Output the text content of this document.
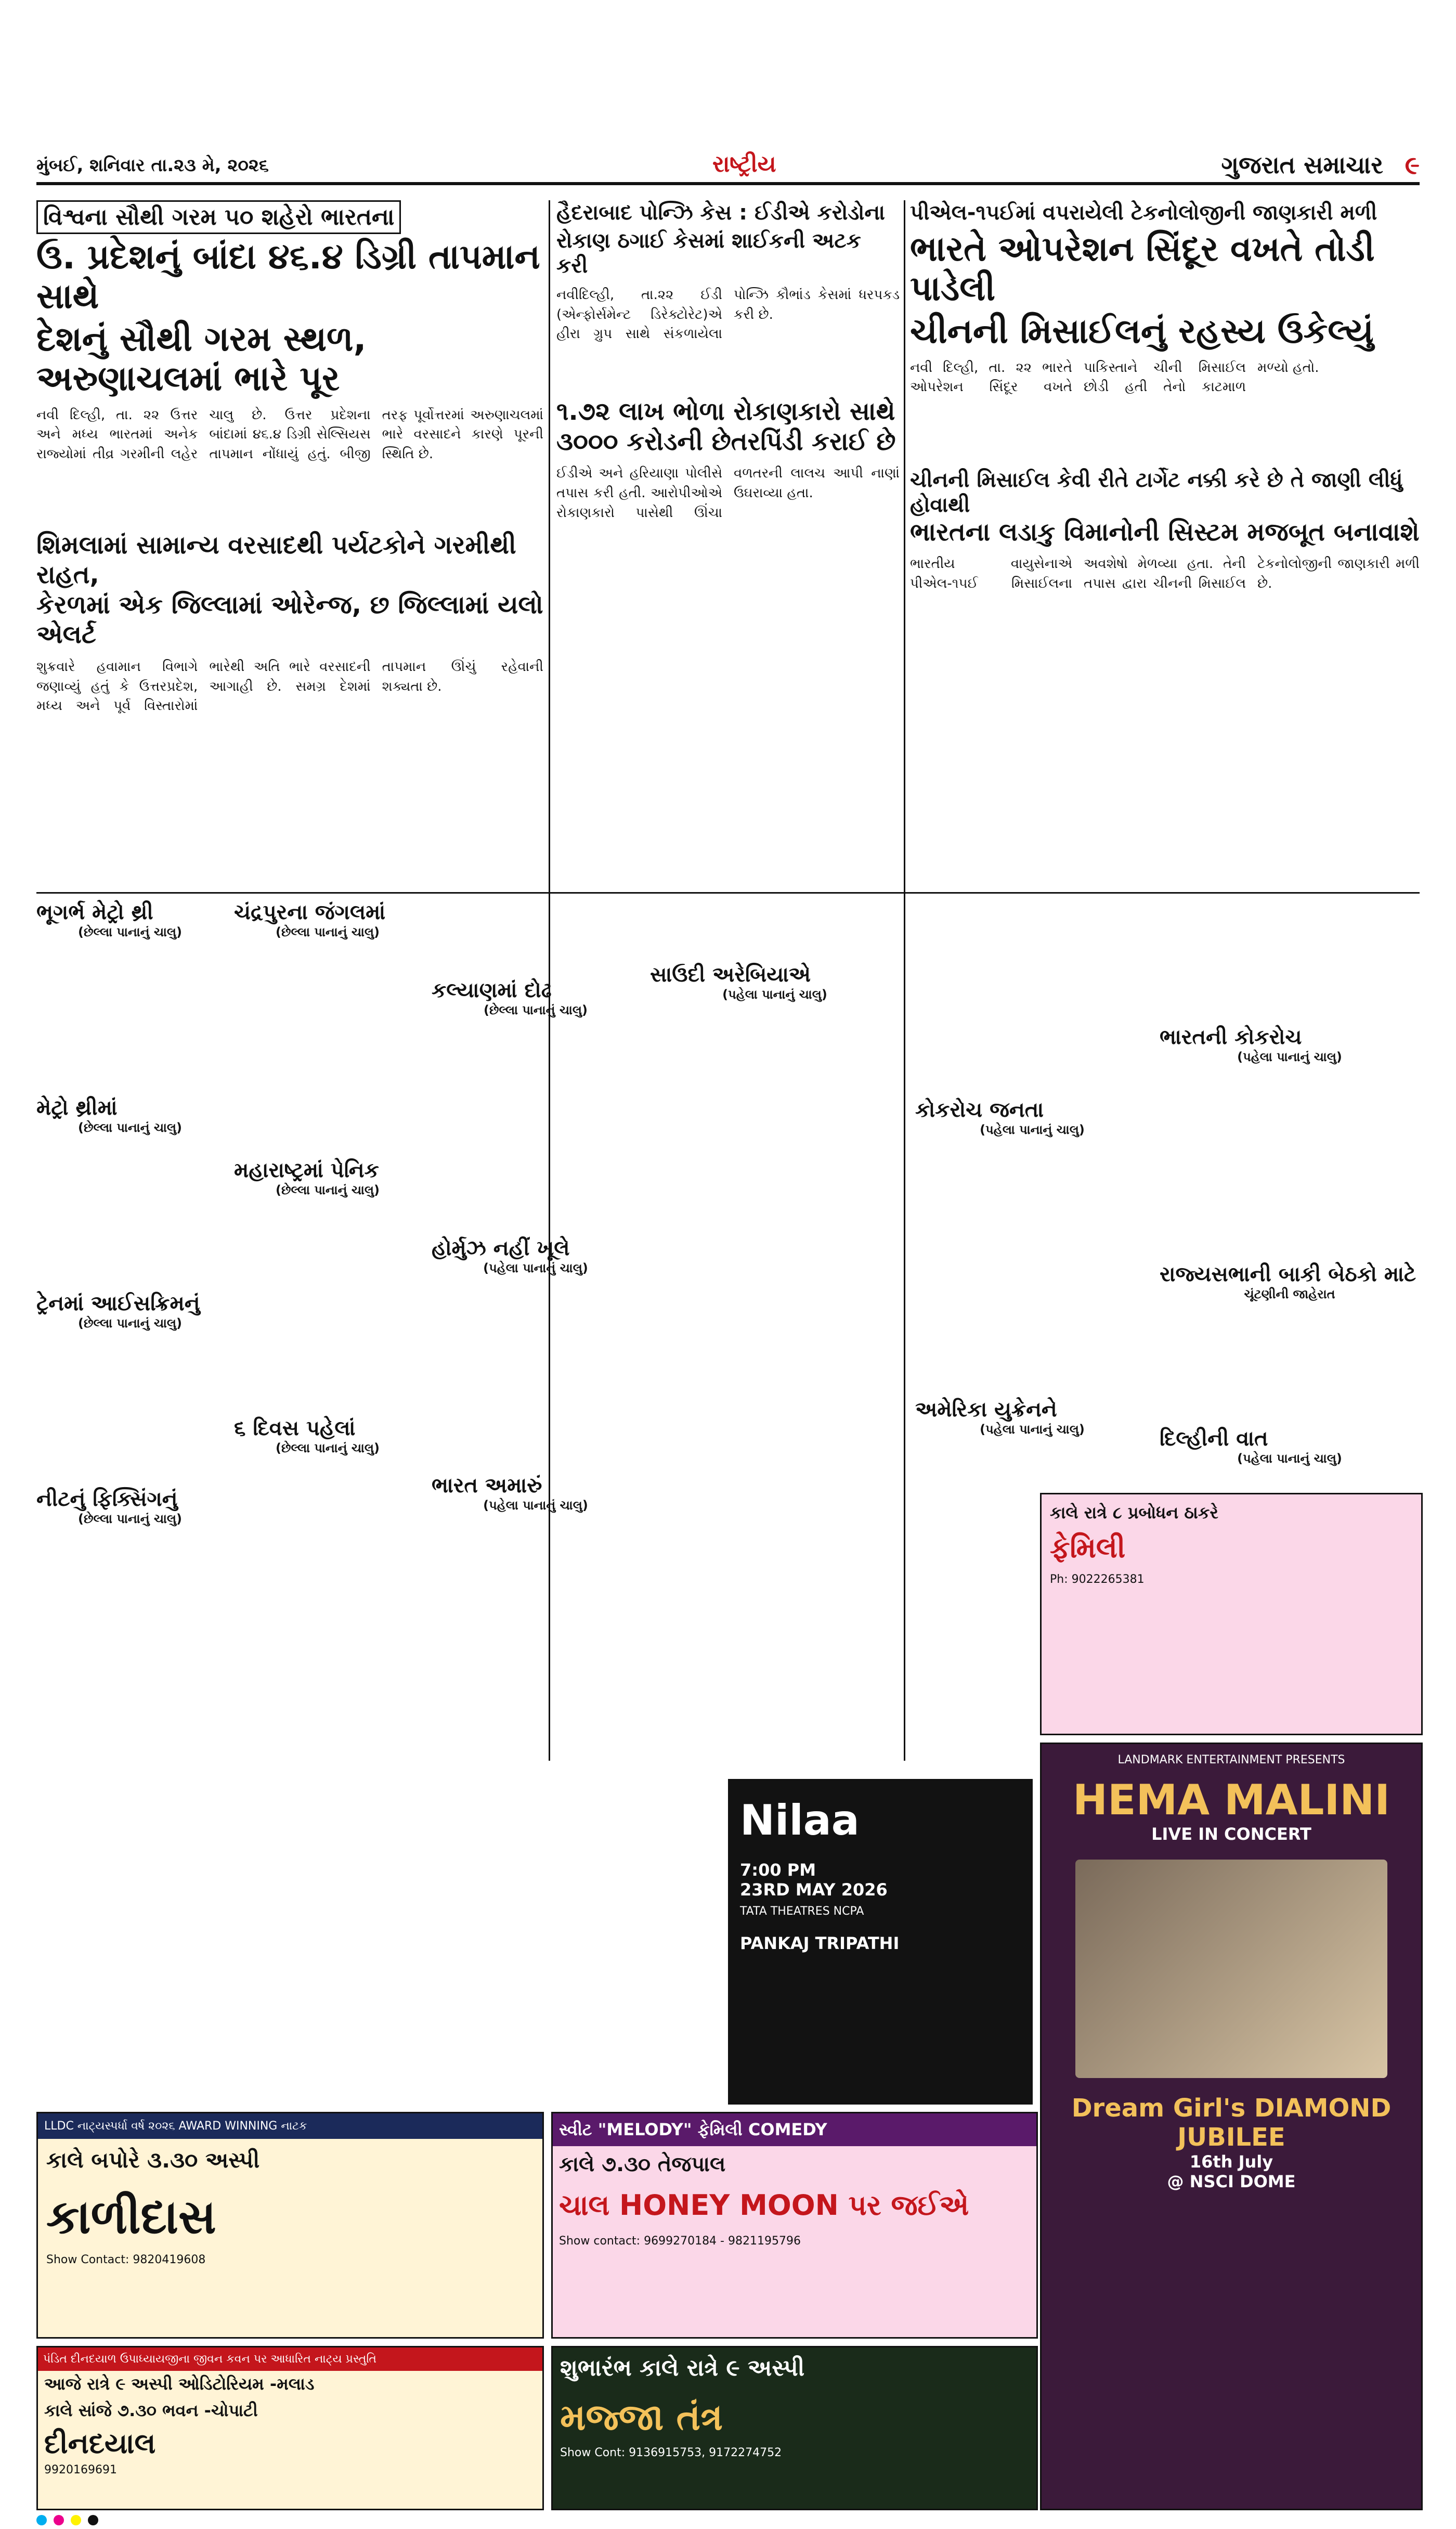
મુંબઈ, શનિવાર તા.૨૩ મે, ૨૦૨૬	રાષ્ટ્રીય	ગુજરાત સમાચાર ૯
વિશ્વના સૌથી ગરમ ૫૦ શહેરો ભારતના
ઉ. પ્રદેશનું બાંદા ૪૬.૪ ડિગ્રી તાપમાન સાથે
દેશનું સૌથી ગરમ સ્થળ, અરુણાચલમાં ભારે પૂર
નવી દિલ્હી, તા. ૨૨ ઉત્તર અને મધ્ય ભારતમાં અનેક રાજ્યોમાં તીવ્ર ગરમીની લહેર ચાલુ છે. ઉત્તર પ્રદેશના બાંદામાં ૪૬.૪ ડિગ્રી સેલ્સિયસ તાપમાન નોંધાયું હતું. બીજી તરફ પૂર્વોત્તરમાં અરુણાચલમાં ભારે વરસાદને કારણે પૂરની સ્થિતિ છે.
શિમલામાં સામાન્ય વરસાદથી પર્યટકોને ગરમીથી રાહત,
કેરળમાં એક જિલ્લામાં ઓરેન્જ, છ જિલ્લામાં યલો એલર્ટ
શુક્રવારે હવામાન વિભાગે જણાવ્યું હતું કે ઉત્તરપ્રદેશ, મધ્ય અને પૂર્વ વિસ્તારોમાં ભારેથી અતિ ભારે વરસાદની આગાહી છે. સમગ્ર દેશમાં તાપમાન ઊંચું રહેવાની શક્યતા છે.
હૈદરાબાદ પોન્ઝિ કેસ : ઈડીએ કરોડોના
રોકાણ ઠગાઈ કેસમાં શાઈકની અટક કરી
નવીદિલ્હી, તા.૨૨ ઈડી (એન્ફોર્સમેન્ટ ડિરેક્ટોરેટ)એ હીરા ગ્રુપ સાથે સંકળાયેલા પોન્ઝિ કૌભાંડ કેસમાં ધરપકડ કરી છે.
૧.૭૨ લાખ ભોળા રોકાણકારો સાથે ૩૦૦૦ કરોડની છેતરપિંડી કરાઈ છે
ઈડીએ અને હરિયાણા પોલીસે તપાસ કરી હતી. આરોપીઓએ રોકાણકારો પાસેથી ઊંચા વળતરની લાલચ આપી નાણાં ઉઘરાવ્યા હતા.
પીએલ-૧૫ઈમાં વપરાયેલી ટેકનોલોજીની જાણકારી મળી
ભારતે ઓપરેશન સિંદૂર વખતે તોડી પાડેલી
ચીનની મિસાઈલનું રહસ્ય ઉકેલ્યું
નવી દિલ્હી, તા. ૨૨ ભારતે ઓપરેશન સિંદૂર વખતે પાકિસ્તાને ચીની મિસાઈલ છોડી હતી તેનો કાટમાળ મળ્યો હતો.
ચીનની મિસાઈલ કેવી રીતે ટાર્ગેટ નક્કી કરે છે તે જાણી લીધું હોવાથી
ભારતના લડાકુ વિમાનોની સિસ્ટમ મજબૂત બનાવાશે
ભારતીય વાયુસેનાએ પીએલ-૧૫ઈ મિસાઈલના અવશેષો મેળવ્યા હતા. તેની તપાસ દ્વારા ચીનની મિસાઈલ ટેકનોલોજીની જાણકારી મળી છે.
ભૂગર્ભ મેટ્રો થ્રી
(છેલ્લા પાનાનું ચાલુ)
મેટ્રો થ્રીમાં
(છેલ્લા પાનાનું ચાલુ)
ટ્રેનમાં આઈસક્રિમનું
(છેલ્લા પાનાનું ચાલુ)
નીટનું ફિક્સિંગનું
(છેલ્લા પાનાનું ચાલુ)
ચંદ્રપુરના જંગલમાં
(છેલ્લા પાનાનું ચાલુ)
મહારાષ્ટ્રમાં પેનિક
(છેલ્લા પાનાનું ચાલુ)
૬ દિવસ પહેલાં
(છેલ્લા પાનાનું ચાલુ)
કલ્યાણમાં દોઢ
(છેલ્લા પાનાનું ચાલુ)
હોર્મુઝ નહીં ખૂલે
(પહેલા પાનાનું ચાલુ)
ભારત અમારું
(પહેલા પાનાનું ચાલુ)
સાઉદી અરેબિયાએ
(પહેલા પાનાનું ચાલુ)
કોકરોચ જનતા
(પહેલા પાનાનું ચાલુ)
અમેરિકા યુક્રેનને
(પહેલા પાનાનું ચાલુ)
ભારતની કોકરોચ
(પહેલા પાનાનું ચાલુ)
રાજ્યસભાની બાકી બેઠકો માટે
ચૂંટણીની જાહેરાત
દિલ્હીની વાત
(પહેલા પાનાનું ચાલુ)
કાલે રાત્રે ૮ પ્રબોધન ઠાકરે
ફેમિલી
Ph: 9022265381
LANDMARK ENTERTAINMENT PRESENTS
HEMA MALINI
LIVE IN CONCERT
Dream Girl's DIAMOND JUBILEE
16th July
@ NSCI DOME
Nilaa
7:00 PM
23RD MAY 2026
TATA THEATRES NCPA
PANKAJ TRIPATHI
LLDC નાટ્યસ્પર્ધા વર્ષ ૨૦૨૬ AWARD WINNING નાટક
કાલે બપોરે ૩.૩૦ અસ્પી
કાળીદાસ
Show Contact: 9820419608
સ્વીટ "MELODY" ફેમિલી COMEDY
કાલે ૭.૩૦ તેજપાલ
ચાલ HONEY MOON પર જઈએ
Show contact: 9699270184 - 9821195796
પંડિત દીનદયાળ ઉપાધ્યાયજીના જીવન કવન પર આધારિત નાટ્ય પ્રસ્તુતિ
આજે રાત્રે ૯ અસ્પી ઓડિટોરિયમ -મલાડ
કાલે સાંજે ૭.૩૦ ભવન -ચોપાટી
દીનદયાલ
9920169691
શુભારંભ કાલે રાત્રે ૯ અસ્પી
મજ્જા તંત્ર
Show Cont: 9136915753, 9172274752
